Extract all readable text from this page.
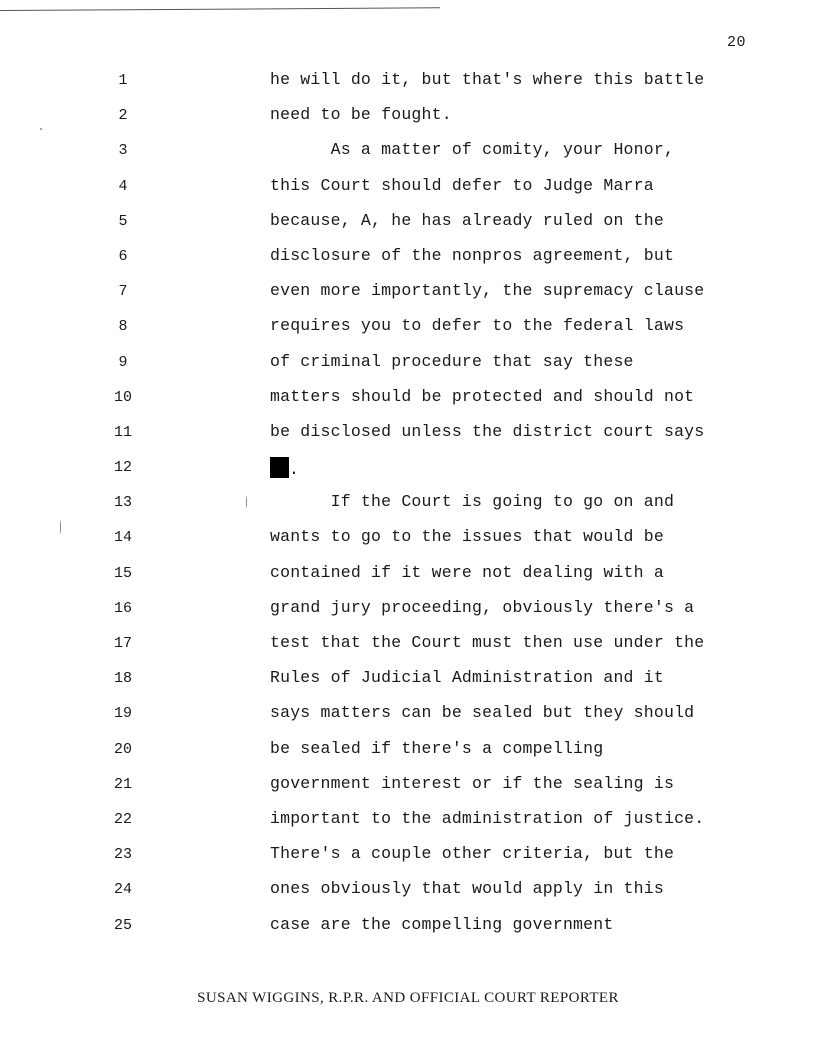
20
1	he will do it, but that's where this battle
2	need to be fought.
3	As a matter of comity, your Honor,
4	this Court should defer to Judge Marra
5	because, A, he has already ruled on the
6	disclosure of the nonpros agreement, but
7	even more importantly, the supremacy clause
8	requires you to defer to the federal laws
9	of criminal procedure that say these
10	matters should be protected and should not
11	be disclosed unless the district court says
12	.
13	If the Court is going to go on and
14	wants to go to the issues that would be
15	contained if it were not dealing with a
16	grand jury proceeding, obviously there's a
17	test that the Court must then use under the
18	Rules of Judicial Administration and it
19	says matters can be sealed but they should
20	be sealed if there's a compelling
21	government interest or if the sealing is
22	important to the administration of justice.
23	There's a couple other criteria, but the
24	ones obviously that would apply in this
25	case are the compelling government
SUSAN WIGGINS, R.P.R. AND OFFICIAL COURT REPORTER
